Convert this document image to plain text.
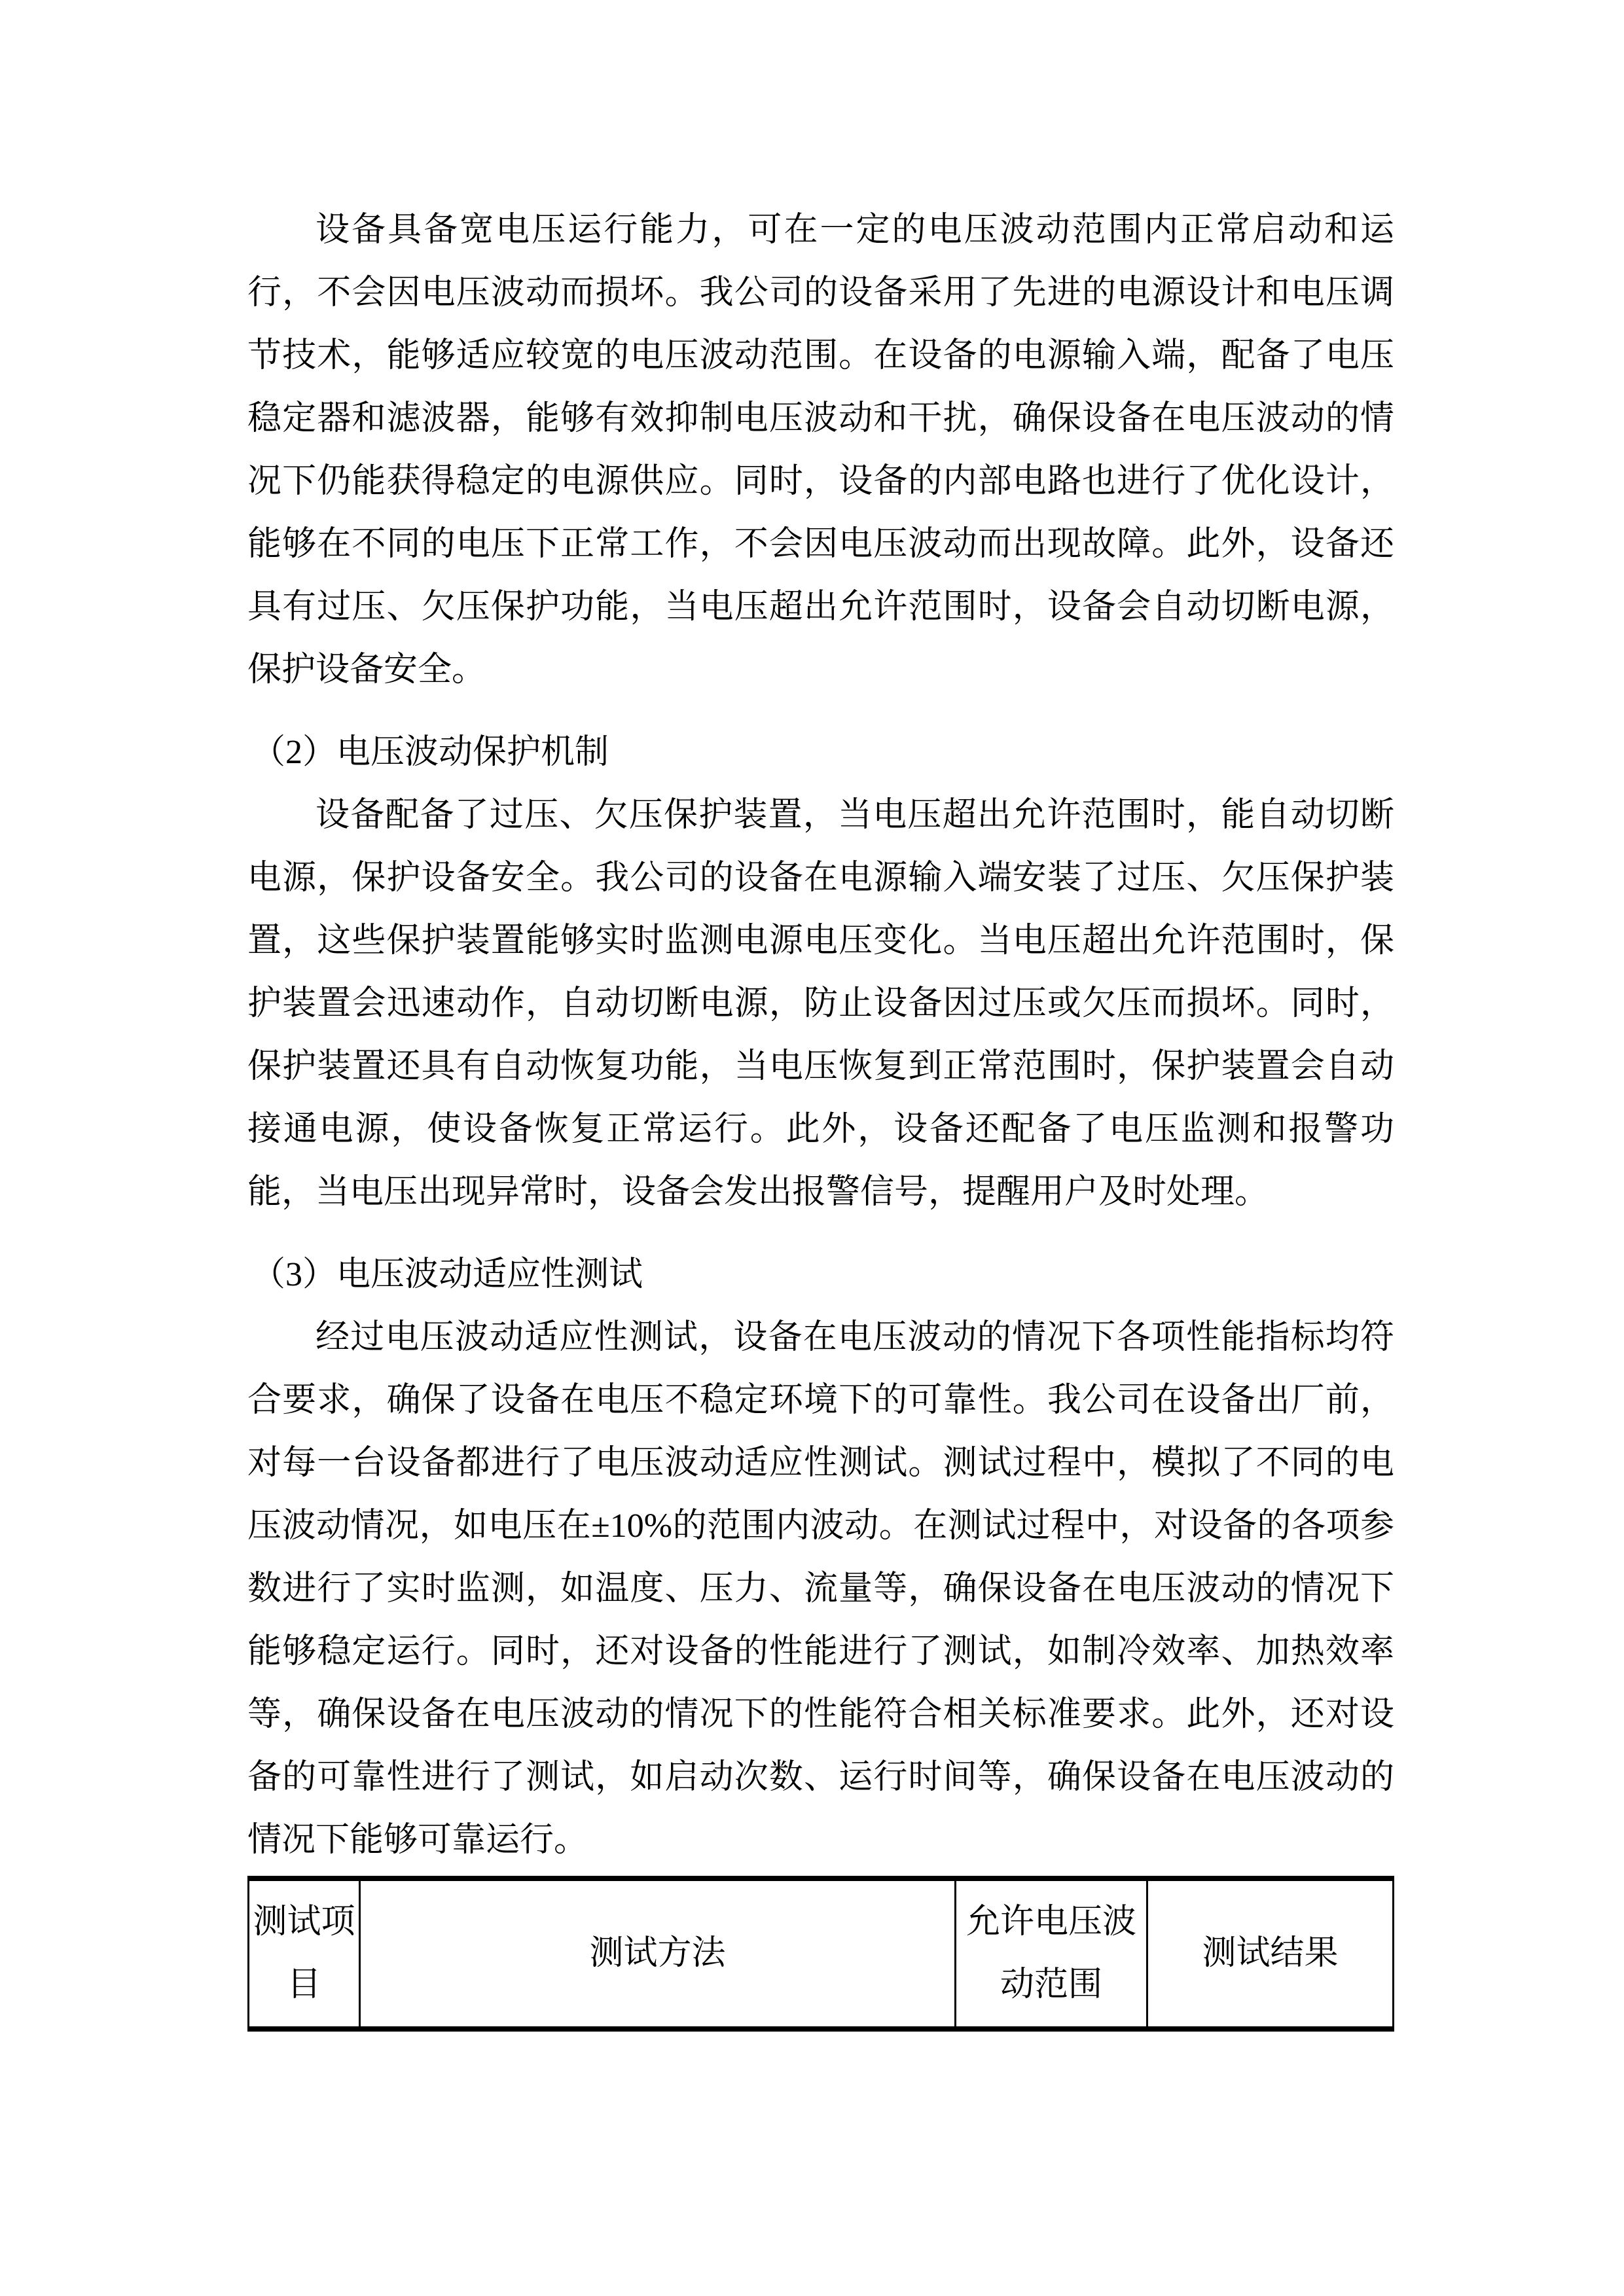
设备具备宽电压运行能力，可在一定的电压波动范围内正常启动和运行，不会因电压波动而损坏。我公司的设备采用了先进的电源设计和电压调节技术，能够适应较宽的电压波动范围。在设备的电源输入端，配备了电压稳定器和滤波器，能够有效抑制电压波动和干扰，确保设备在电压波动的情况下仍能获得稳定的电源供应。同时，设备的内部电路也进行了优化设计，能够在不同的电压下正常工作，不会因电压波动而出现故障。此外，设备还具有过压、欠压保护功能，当电压超出允许范围时，设备会自动切断电源，保护设备安全。

（2）电压波动保护机制

设备配备了过压、欠压保护装置，当电压超出允许范围时，能自动切断电源，保护设备安全。我公司的设备在电源输入端安装了过压、欠压保护装置，这些保护装置能够实时监测电源电压变化。当电压超出允许范围时，保护装置会迅速动作，自动切断电源，防止设备因过压或欠压而损坏。同时，保护装置还具有自动恢复功能，当电压恢复到正常范围时，保护装置会自动接通电源，使设备恢复正常运行。此外，设备还配备了电压监测和报警功能，当电压出现异常时，设备会发出报警信号，提醒用户及时处理。

（3）电压波动适应性测试

经过电压波动适应性测试，设备在电压波动的情况下各项性能指标均符合要求，确保了设备在电压不稳定环境下的可靠性。我公司在设备出厂前，对每一台设备都进行了电压波动适应性测试。测试过程中，模拟了不同的电压波动情况，如电压在±10%的范围内波动。在测试过程中，对设备的各项参数进行了实时监测，如温度、压力、流量等，确保设备在电压波动的情况下能够稳定运行。同时，还对设备的性能进行了测试，如制冷效率、加热效率等，确保设备在电压波动的情况下的性能符合相关标准要求。此外，还对设备的可靠性进行了测试，如启动次数、运行时间等，确保设备在电压波动的情况下能够可靠运行。

测试项目	测试方法	允许电压波动范围	测试结果
